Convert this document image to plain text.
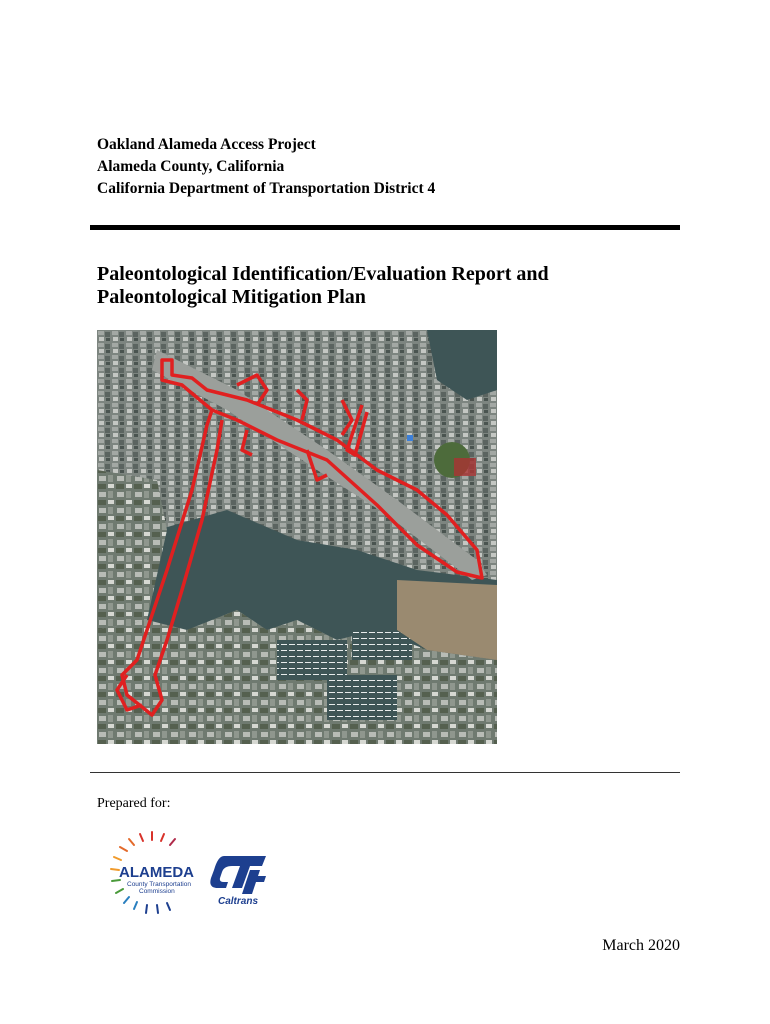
Oakland Alameda Access Project
Alameda County, California
California Department of Transportation District 4
Paleontological Identification/Evaluation Report and
Paleontological Mitigation Plan
Prepared for:
ALAMEDA
County Transportation
Commission
Caltrans
March 2020
